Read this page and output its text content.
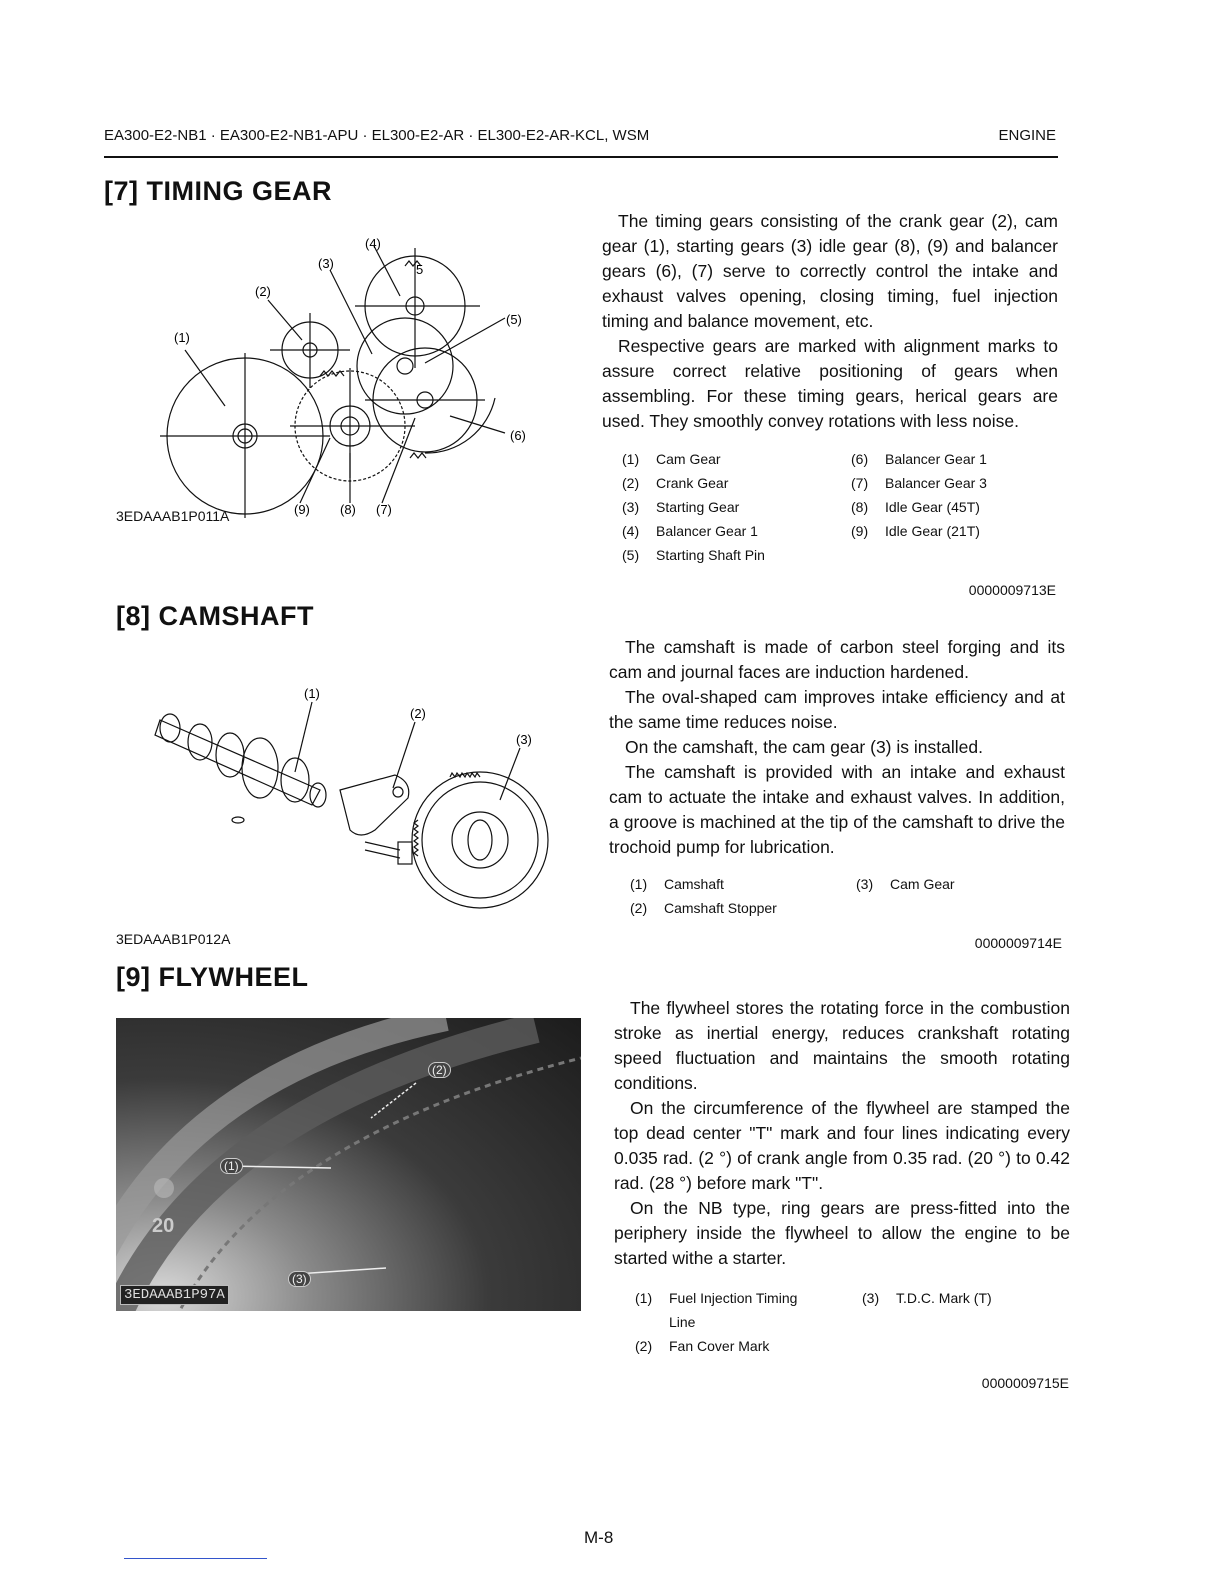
EA300-E2-NB1 · EA300-E2-NB1-APU · EL300-E2-AR · EL300-E2-AR-KCL, WSM	ENGINE
[7] TIMING GEAR
(1)
(2)
(3)
(4)
5
(5)
(6)
(7)
(8)
(9)
3EDAAAB1P011A

The timing gears consisting of the crank gear (2), cam gear (1), starting gears (3) idle gear (8), (9) and balancer gears (6), (7) serve to correctly control the intake and exhaust valves opening, closing timing, fuel injection timing and balance movement, etc.

Respective gears are marked with alignment marks to assure correct relative positioning of gears when assembling. For these timing gears, herical gears are used. They smoothly convey rotations with less noise.

(1)	Cam Gear
(2)	Crank Gear
(3)	Starting Gear
(4)	Balancer Gear 1
(5)	Starting Shaft Pin
(6)	Balancer Gear 1
(7)	Balancer Gear 3
(8)	Idle Gear (45T)
(9)	Idle Gear (21T)
0000009713E
[8] CAMSHAFT
(1)
(2)
(3)
3EDAAAB1P012A

The camshaft is made of carbon steel forging and its cam and journal faces are induction hardened.

The oval-shaped cam improves intake efficiency and at the same time reduces noise.

On the camshaft, the cam gear (3) is installed.

The camshaft is provided with an intake and exhaust cam to actuate the intake and exhaust valves. In addition, a groove is machined at the tip of the camshaft to drive the trochoid pump for lubrication.

(1)	Camshaft
(2)	Camshaft Stopper
(3)	Cam Gear
0000009714E
[9] FLYWHEEL
20
(1)
(2)
(3)
3EDAAAB1P97A

The flywheel stores the rotating force in the combustion stroke as inertial energy, reduces crankshaft rotating speed fluctuation and maintains the smooth rotating conditions.

On the circumference of the flywheel are stamped the top dead center "T" mark and four lines indicating every 0.035 rad. (2 °) of crank angle from 0.35 rad. (20 °) to 0.42 rad. (28 °) before mark "T".

On the NB type, ring gears are press-fitted into the periphery inside the flywheel to allow the engine to be started withe a starter.

(1)	Fuel Injection Timing Line
(2)	Fan Cover Mark
(3)	T.D.C. Mark (T)
0000009715E
M-8
